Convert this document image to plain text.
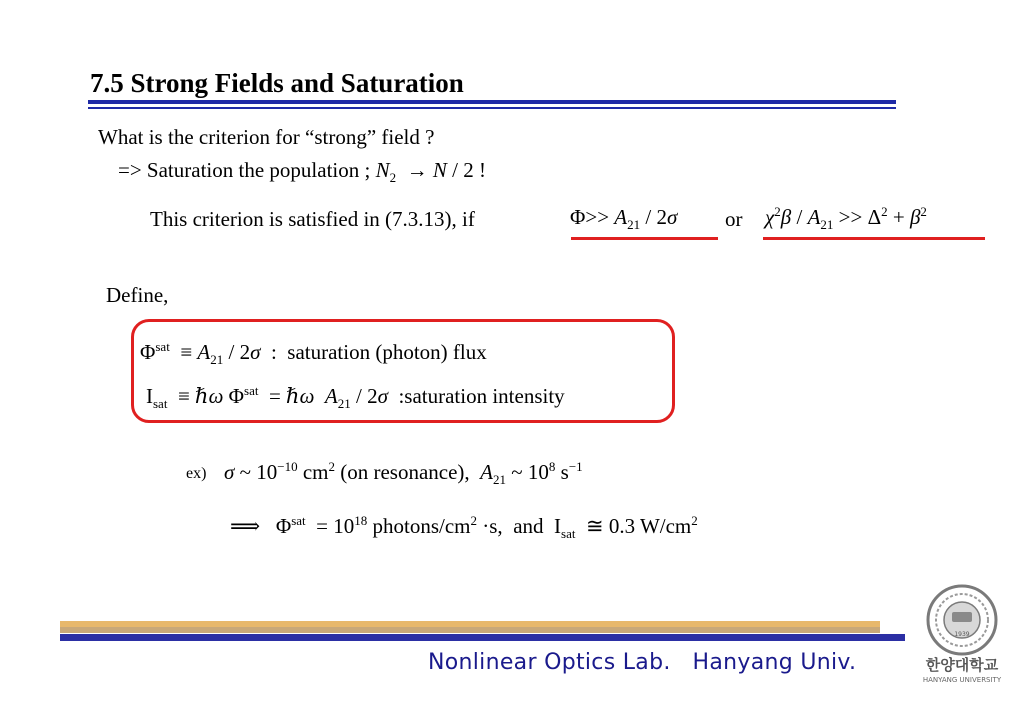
7.5 Strong Fields and Saturation
What is the criterion for “strong” field ?
=> Saturation the population ; $N_2 \to N / 2$ !
This criterion is satisfied in (7.3.13), if	$\Phi>> A_{21} / 2\sigma$ or $\chi^2\beta / A_{21} >> \Delta^2 + \beta^2$
Define,
$\Phi^{sat} \equiv A_{21} / 2\sigma$  :  saturation (photon) flux
$I_{sat}$  ≡ ℏω $\Phi^{sat}$  = ℏω $A_{21} / 2\sigma$ :saturation intensity
ex) σ ~ $10^{-10}$ $cm^2$ (on resonance), $A_{21}$ ~ $10^8$ $s^{-1}$
⟹   $\Phi^{sat} = 10^{18}$ photons/$cm^2 \cdot s$,  and  $I_{sat}$  ≅ 0.3 $W/cm^2$
Nonlinear Optics Lab. Hanyang Univ.
1939
한양대학교
HANYANG UNIVERSITY
